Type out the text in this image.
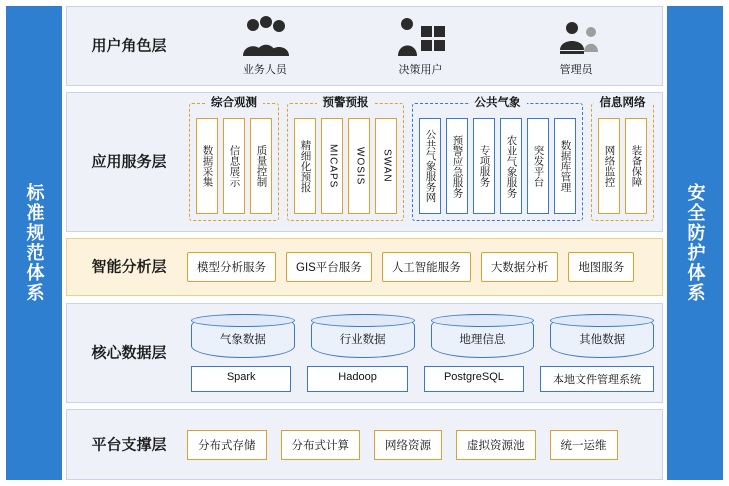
标准规范体系	安全防护体系
用户角色层
业务人员	决策用户	管理员
应用服务层
综合观测
数据采集	信息展示	质量控制
预警预报
精细化预报	MICAPS	WOSIS	SWAN
公共气象
公共气象服务网	预警应急服务	专项服务	农业气象服务	突发平台	数据库管理
信息网络
网络监控	装备保障
智能分析层	模型分析服务	GIS平台服务	人工智能服务	大数据分析	地图服务
核心数据层
气象数据	行业数据	地理信息	其他数据
Spark	Hadoop	PostgreSQL	本地文件管理系统
平台支撑层	分布式存储	分布式计算	网络资源	虚拟资源池	统一运维
